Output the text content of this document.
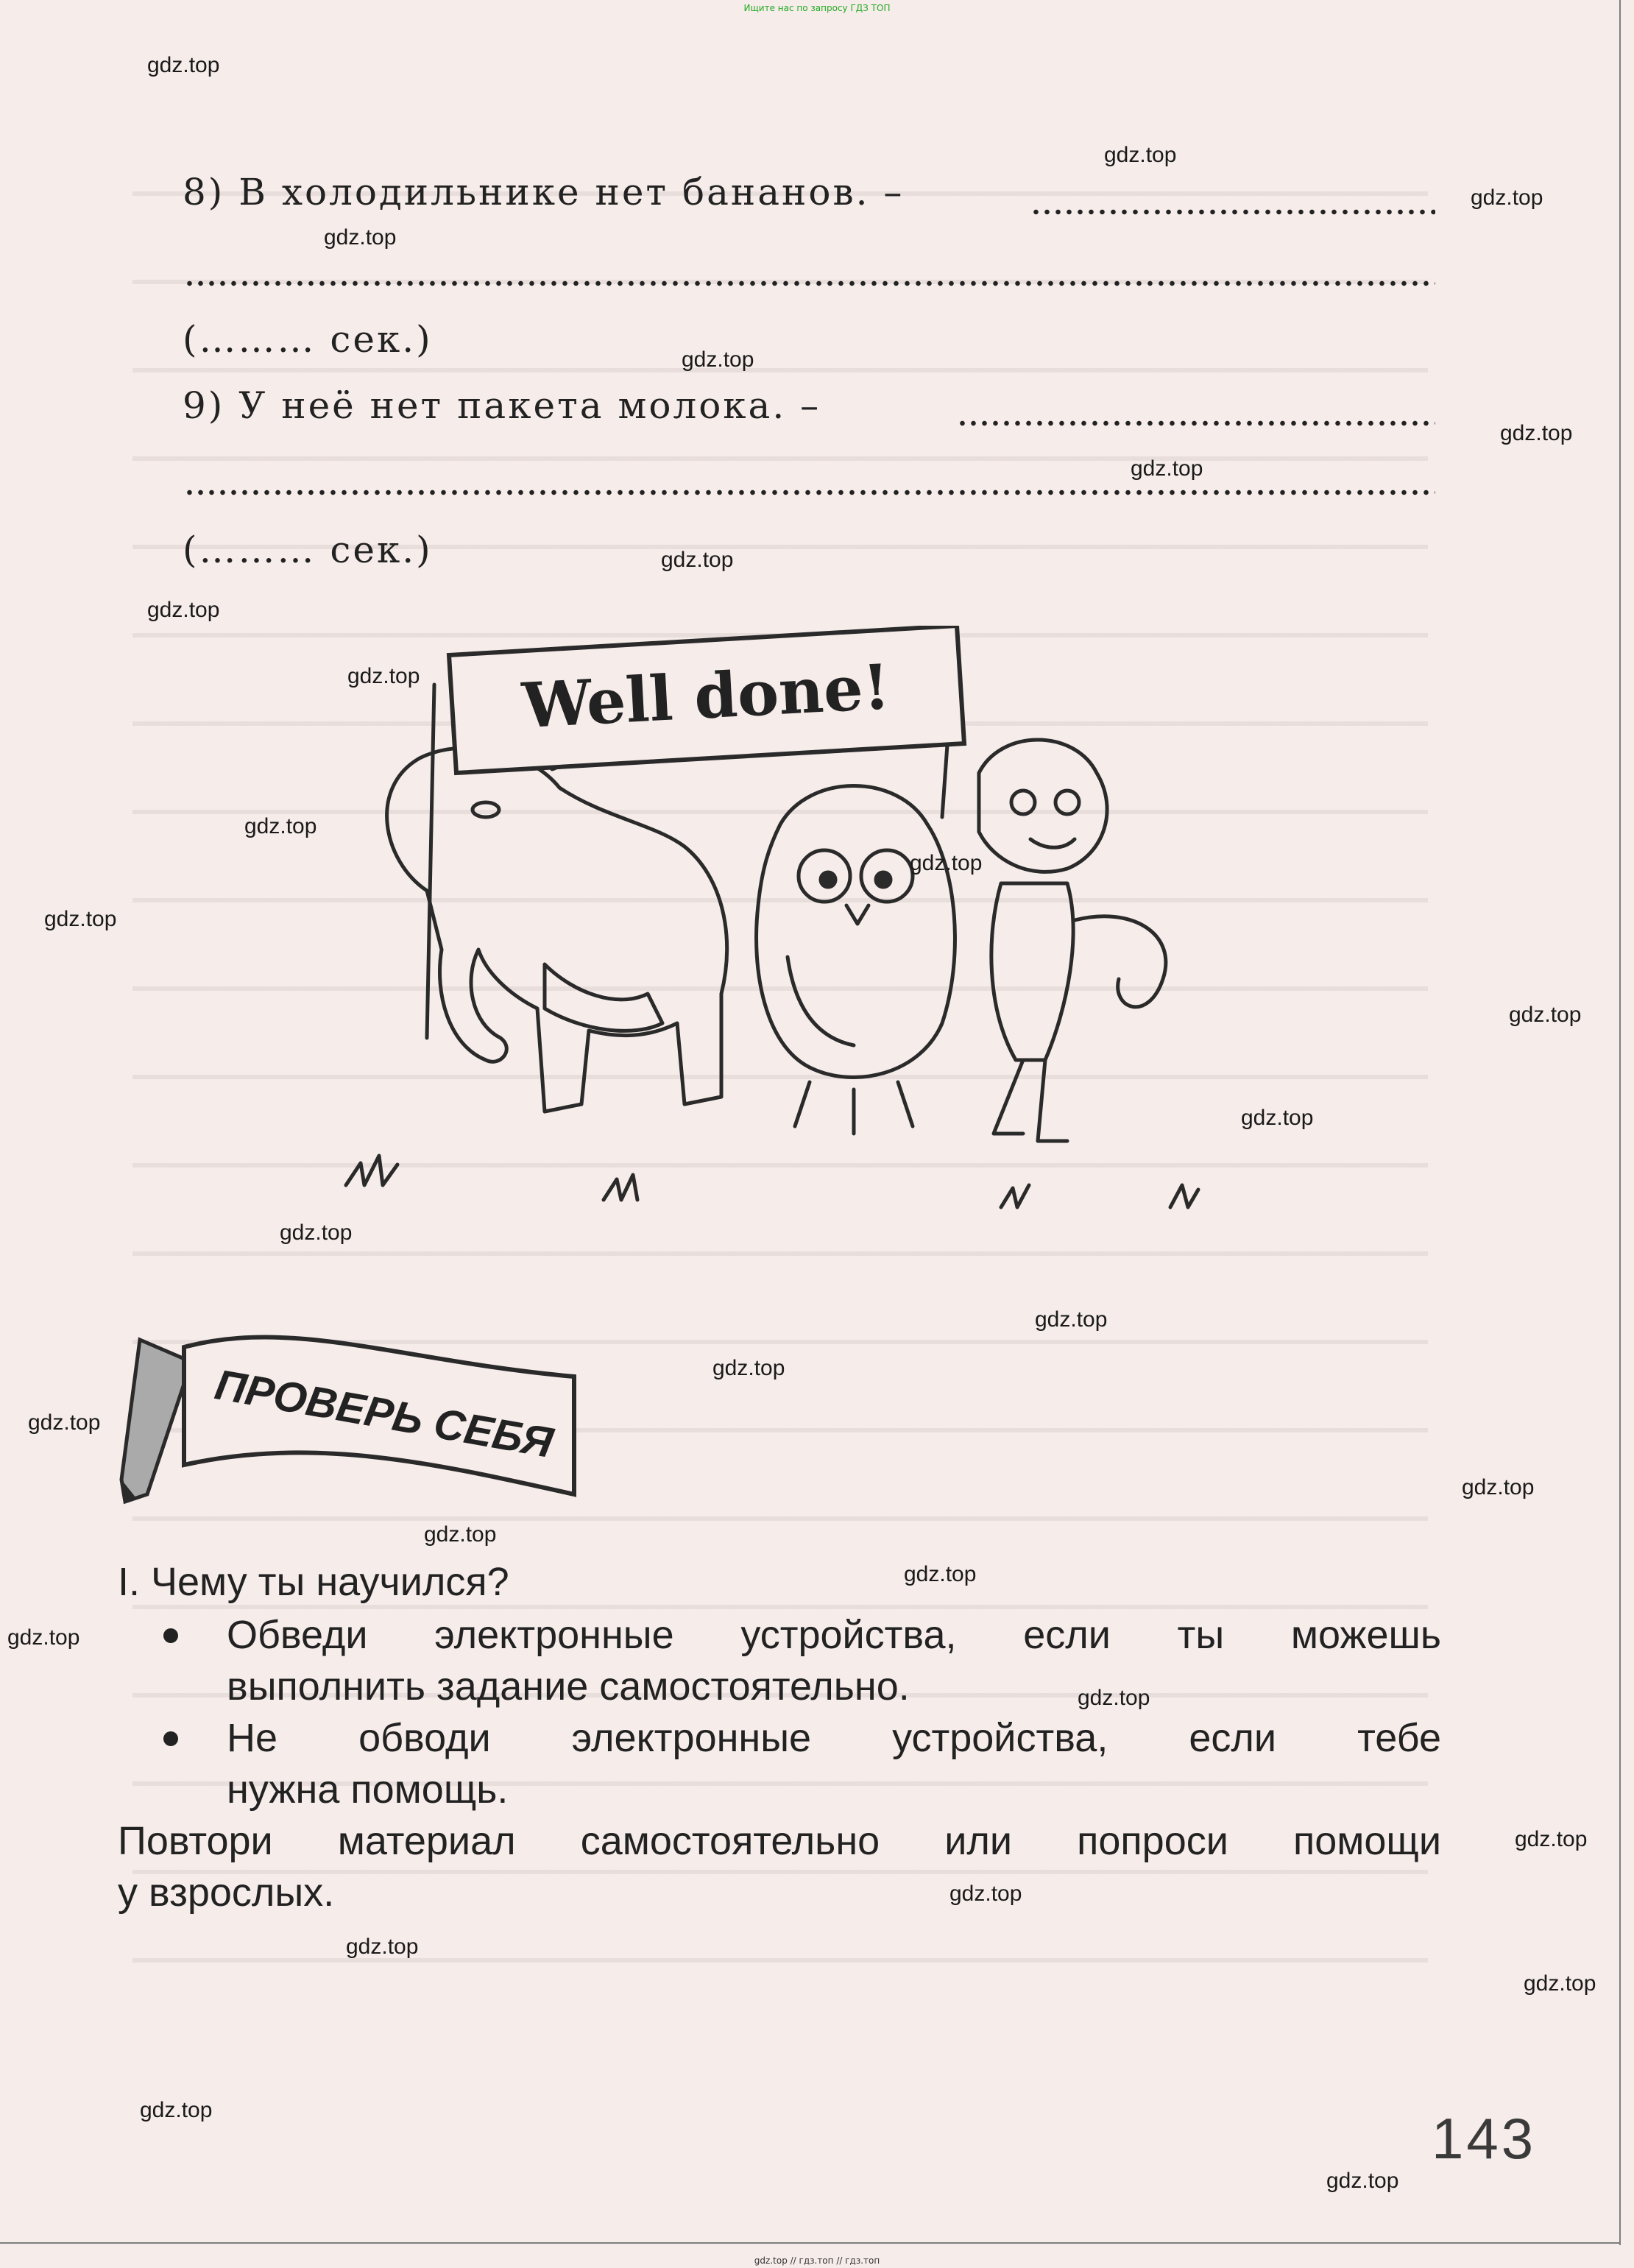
Ищите нас по запросу ГДЗ ТОП
8) В холодильнике нет бананов. –
(……… сек.)
9) У неё нет пакета молока. –
(……… сек.)
Well done!
ПРОВЕРЬ СЕБЯ
I. Чему ты научился?
Обведи электронные устройства, если ты можешь
выполнить задание самостоятельно.
Не обводи электронные устройства, если тебе
нужна помощь.
Повтори материал самостоятельно или попроси помощи
у взрослых.
143
gdz.top
gdz.top
gdz.top
gdz.top
gdz.top
gdz.top
gdz.top
gdz.top
gdz.top
gdz.top
gdz.top
gdz.top
gdz.top
gdz.top
gdz.top
gdz.top
gdz.top
gdz.top
gdz.top
gdz.top
gdz.top
gdz.top
gdz.top
gdz.top
gdz.top
gdz.top
gdz.top
gdz.top
gdz.top
gdz.top
gdz.top // гдз.топ // гдз.топ
